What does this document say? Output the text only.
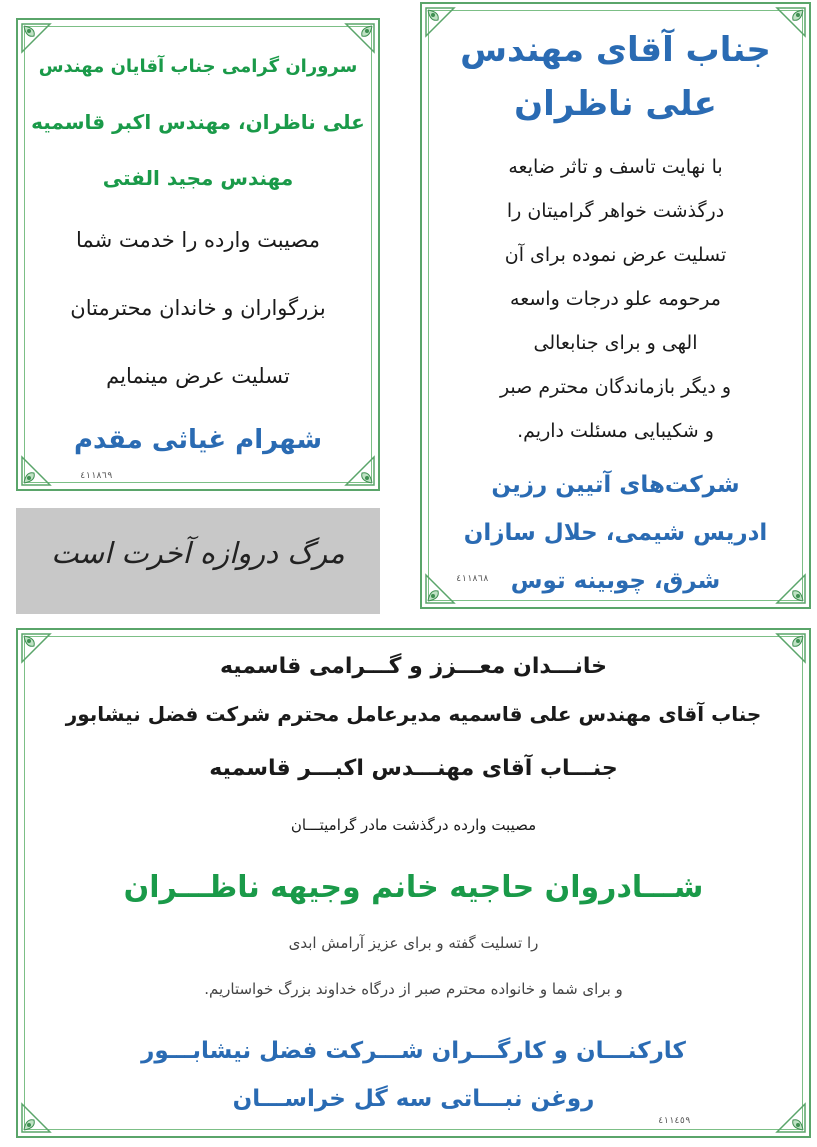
سروران گرامی جناب آقایان مهندس
علی ناظران، مهندس اکبر قاسمیه
مهندس مجید الفتی
مصیبت وارده را خدمت شما
بزرگواران و خاندان محترمتان
تسلیت عرض مینمایم
شهرام غیاثی مقدم
٤١١٨٦٩
جناب آقای مهندس
علی ناظران
با نهایت تاسف و تاثر ضایعه
درگذشت خواهر گرامیتان را
تسلیت عرض نموده برای آن
مرحومه علو درجات واسعه
الهی و برای جنابعالی
و دیگر بازماندگان محترم صبر
و شکیبایی مسئلت داریم.
شرکت‌های آتیین رزین
ادریس شیمی، حلال سازان
شرق، چوبینه توس
٤١١٨٦٨
مرگ دروازه آخرت است
خانـــدان معـــزز و گـــرامی قاسمیه
جناب آقای مهندس علی قاسمیه مدیرعامل محترم شرکت فضل نیشابور
جنـــاب آقای مهنـــدس اکبـــر قاسمیه
مصیبت وارده درگذشت مادر گرامیتـــان
شـــادروان حاجیه خانم وجیهه ناظـــران
را تسلیت گفته و برای عزیز آرامش ابدی
و برای شما و خانواده محترم صبر از درگاه خداوند بزرگ خواستاریم.
کارکنـــان و کارگـــران شـــرکت فضل نیشابـــور
روغن نبـــاتی سه گل خراســـان
٤١١٤٥٩
